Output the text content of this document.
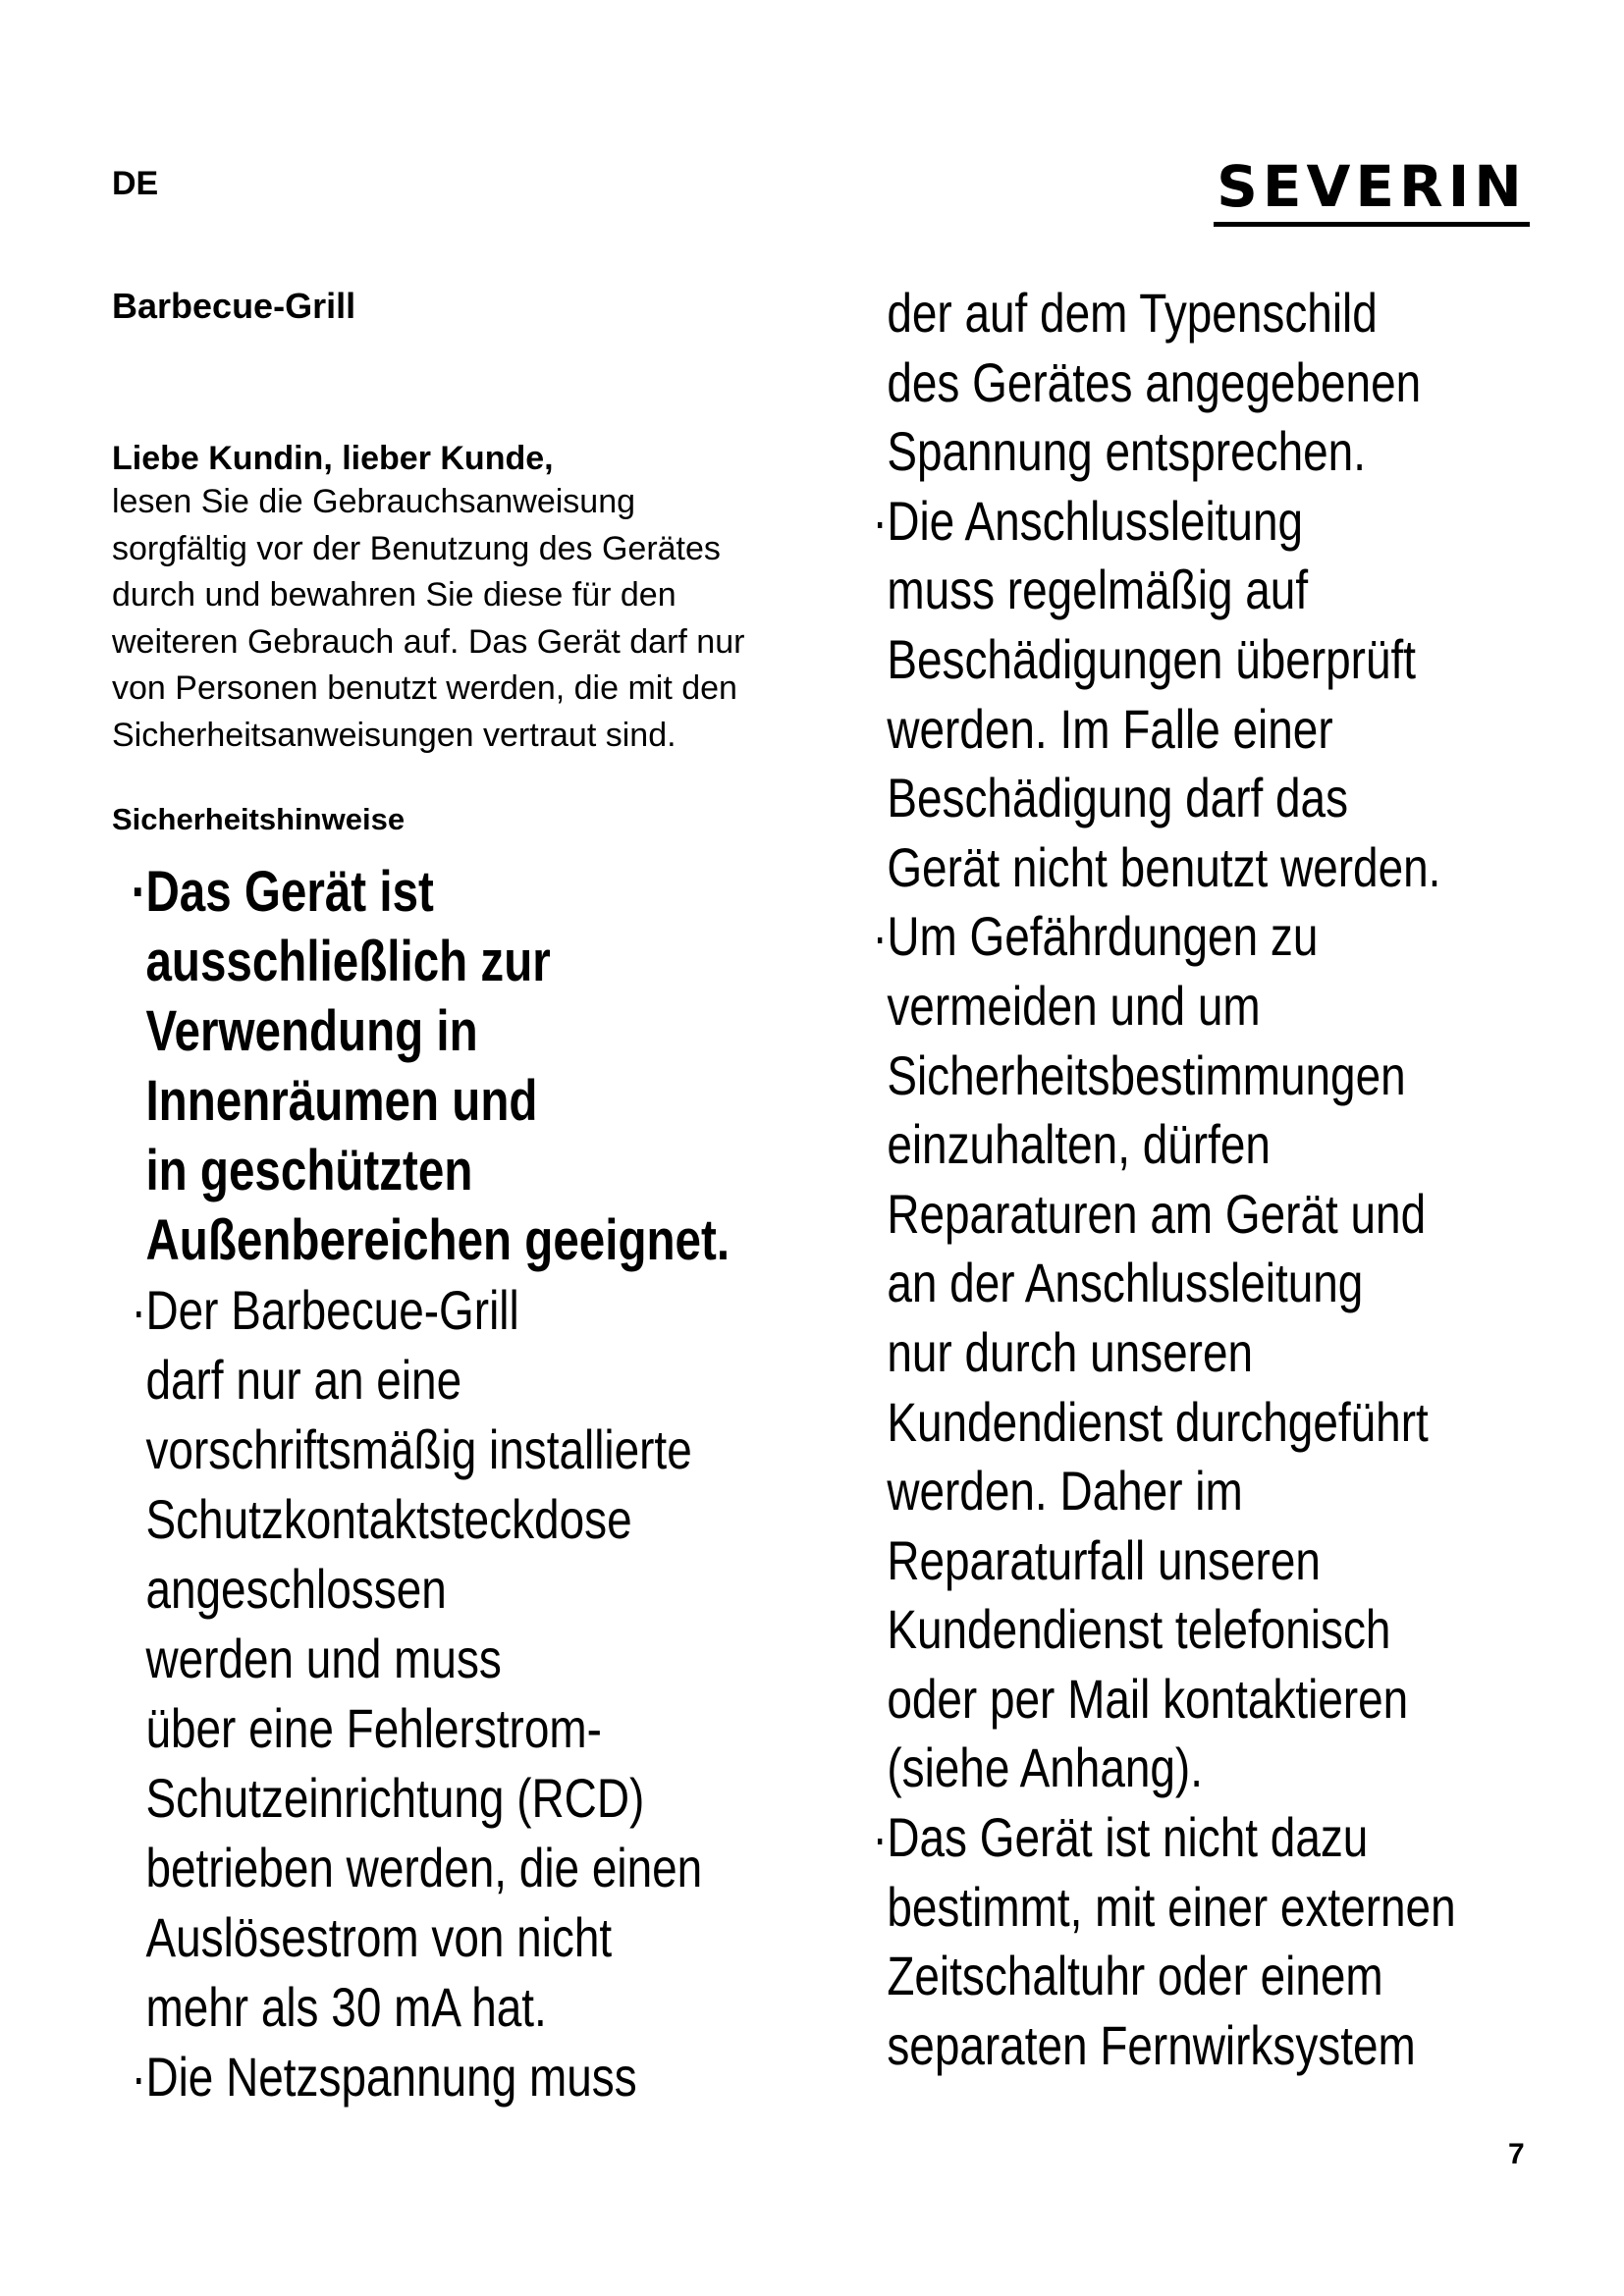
DE	SEVERIN
Barbecue-Grill
Liebe Kundin, lieber Kunde,
lesen Sie die Gebrauchsanweisung
sorgfältig vor der Benutzung des Gerätes
durch und bewahren Sie diese für den
weiteren Gebrauch auf. Das Gerät darf nur
von Personen benutzt werden, die mit den
Sicherheitsanweisungen vertraut sind.
Sicherheitshinweise
·
Das Gerät ist
ausschließlich zur
Verwendung in
Innenräumen und
in geschützten
Außenbereichen geeignet.
· Der Barbecue-Grill
darf nur an eine
vorschriftsmäßig installierte
Schutzkontaktsteckdose
angeschlossen
werden und muss
über eine Fehlerstrom-
Schutzeinrichtung (RCD)
betrieben werden, die einen
Auslösestrom von nicht
mehr als 30 mA hat.
· Die Netzspannung muss
der auf dem Typenschild
des Gerätes angegebenen
Spannung entsprechen.
· Die Anschlussleitung
muss regelmäßig auf
Beschädigungen überprüft
werden. Im Falle einer
Beschädigung darf das
Gerät nicht benutzt werden.
· Um Gefährdungen zu
vermeiden und um
Sicherheitsbestimmungen
einzuhalten, dürfen
Reparaturen am Gerät und
an der Anschlussleitung
nur durch unseren
Kundendienst durchgeführt
werden. Daher im
Reparaturfall unseren
Kundendienst telefonisch
oder per Mail kontaktieren
(siehe Anhang).
· Das Gerät ist nicht dazu
bestimmt, mit einer externen
Zeitschaltuhr oder einem
separaten Fernwirksystem
7
